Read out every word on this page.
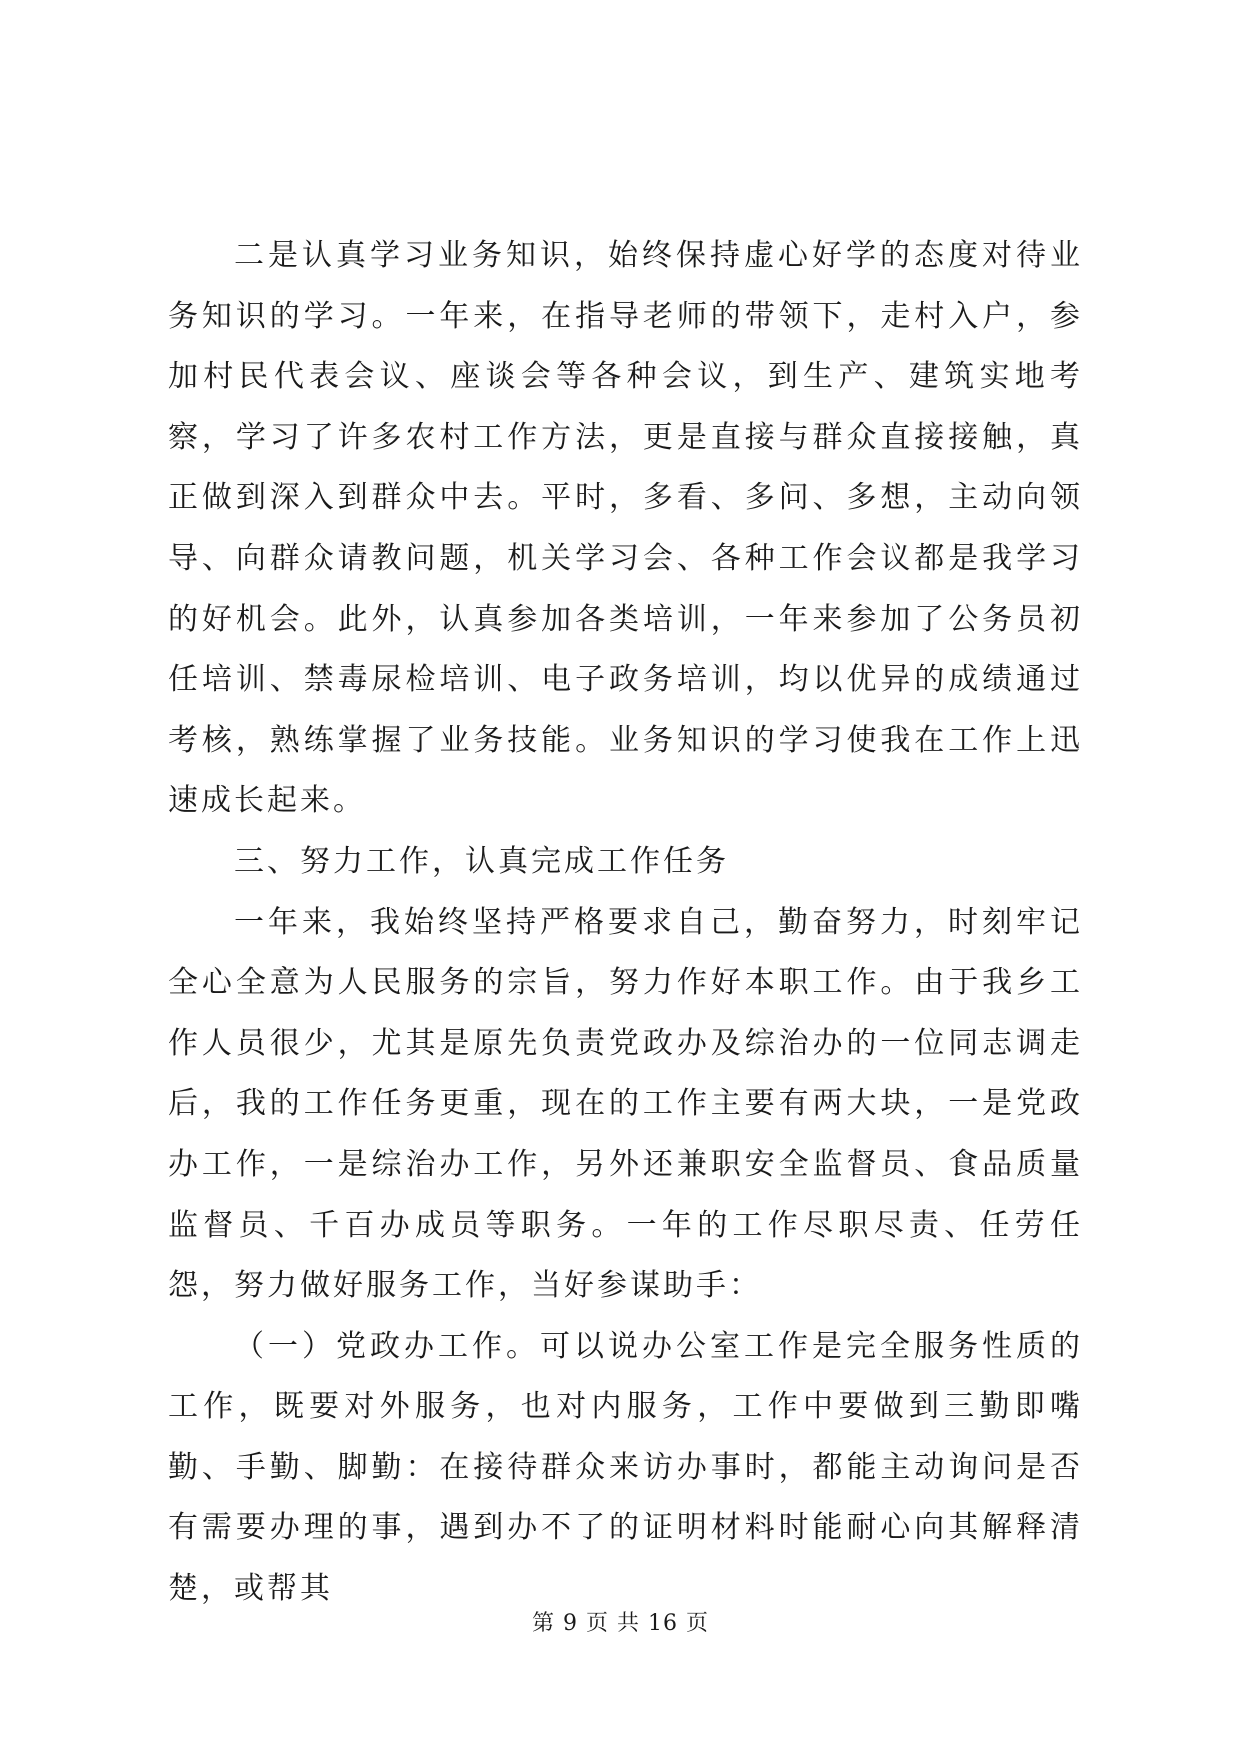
二是认真学习业务知识，始终保持虚心好学的态度对待业务知识的学习。一年来，在指导老师的带领下，走村入户，参加村民代表会议、座谈会等各种会议，到生产、建筑实地考察，学习了许多农村工作方法，更是直接与群众直接接触，真正做到深入到群众中去。平时，多看、多问、多想，主动向领导、向群众请教问题，机关学习会、各种工作会议都是我学习的好机会。此外，认真参加各类培训，一年来参加了公务员初任培训、禁毒尿检培训、电子政务培训，均以优异的成绩通过考核，熟练掌握了业务技能。业务知识的学习使我在工作上迅速成长起来。

三、努力工作，认真完成工作任务

一年来，我始终坚持严格要求自己，勤奋努力，时刻牢记全心全意为人民服务的宗旨，努力作好本职工作。由于我乡工作人员很少，尤其是原先负责党政办及综治办的一位同志调走后，我的工作任务更重，现在的工作主要有两大块，一是党政办工作，一是综治办工作，另外还兼职安全监督员、食品质量监督员、千百办成员等职务。一年的工作尽职尽责、任劳任怨，努力做好服务工作，当好参谋助手：

（一）党政办工作。可以说办公室工作是完全服务性质的工作，既要对外服务，也对内服务，工作中要做到三勤即嘴勤、手勤、脚勤：在接待群众来访办事时，都能主动询问是否有需要办理的事，遇到办不了的证明材料时能耐心向其解释清楚，或帮其

第 9 页 共 16 页
